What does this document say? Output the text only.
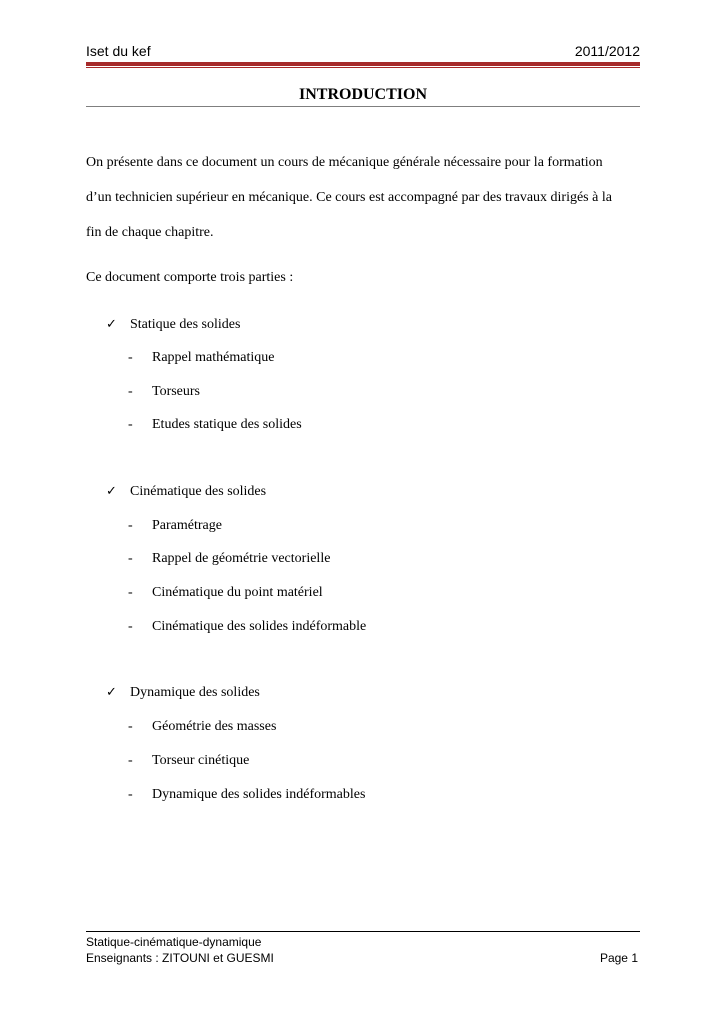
Iset du kef	2011/2012
INTRODUCTION
On présente dans ce document un cours de mécanique générale nécessaire pour la formation
d’un technicien supérieur en mécanique. Ce cours est accompagné par des travaux dirigés à la
fin de chaque chapitre.
Ce document comporte trois parties :
✓ Statique des solides
- Rappel mathématique
- Torseurs
- Etudes statique des solides
✓ Cinématique des solides
- Paramétrage
- Rappel de géométrie vectorielle
- Cinématique du point matériel
- Cinématique des solides indéformable
✓ Dynamique des solides
- Géométrie des masses
- Torseur cinétique
- Dynamique des solides indéformables
Statique-cinématique-dynamique
Enseignants : ZITOUNI et GUESMI	Page 1
